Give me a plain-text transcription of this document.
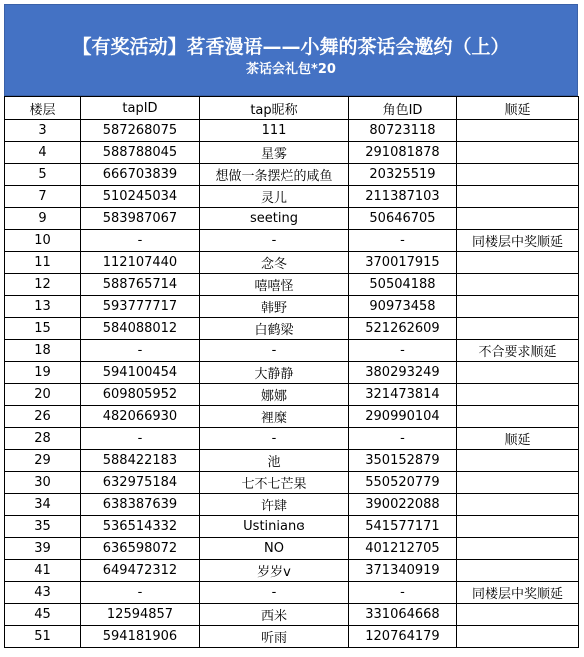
【有奖活动】茗香漫语——小舞的茶话会邀约（上）
茶话会礼包*20
楼层	tapID	tap昵称	角色ID	顺延
3	587268075	111	80723118	
4	588788045	星雾	291081878	
5	666703839	想做一条摆烂的咸鱼	20325519	
7	510245034	灵儿	211387103	
9	583987067	seeting	50646705	
10	-	-	-	同楼层中奖顺延
11	112107440	念冬	370017915	
12	588765714	嘻嘻怪	50504188	
13	593777717	韩野	90973458	
15	584088012	白鹤梁	521262609	
18	-	-	-	不合要求顺延
19	594100454	大静静	380293249	
20	609805952	娜娜	321473814	
26	482066930	裡糜	290990104	
28	-	-	-	顺延
29	588422183	池	350152879	
30	632975184	七不七芒果	550520779	
34	638387639	许肆	390022088	
35	536514332	Ustinianɞ	541577171	
39	636598072	NO	401212705	
41	649472312	岁岁v	371340919	
43	-	-	-	同楼层中奖顺延
45	12594857	西米	331064668	
51	594181906	听雨	120764179	
